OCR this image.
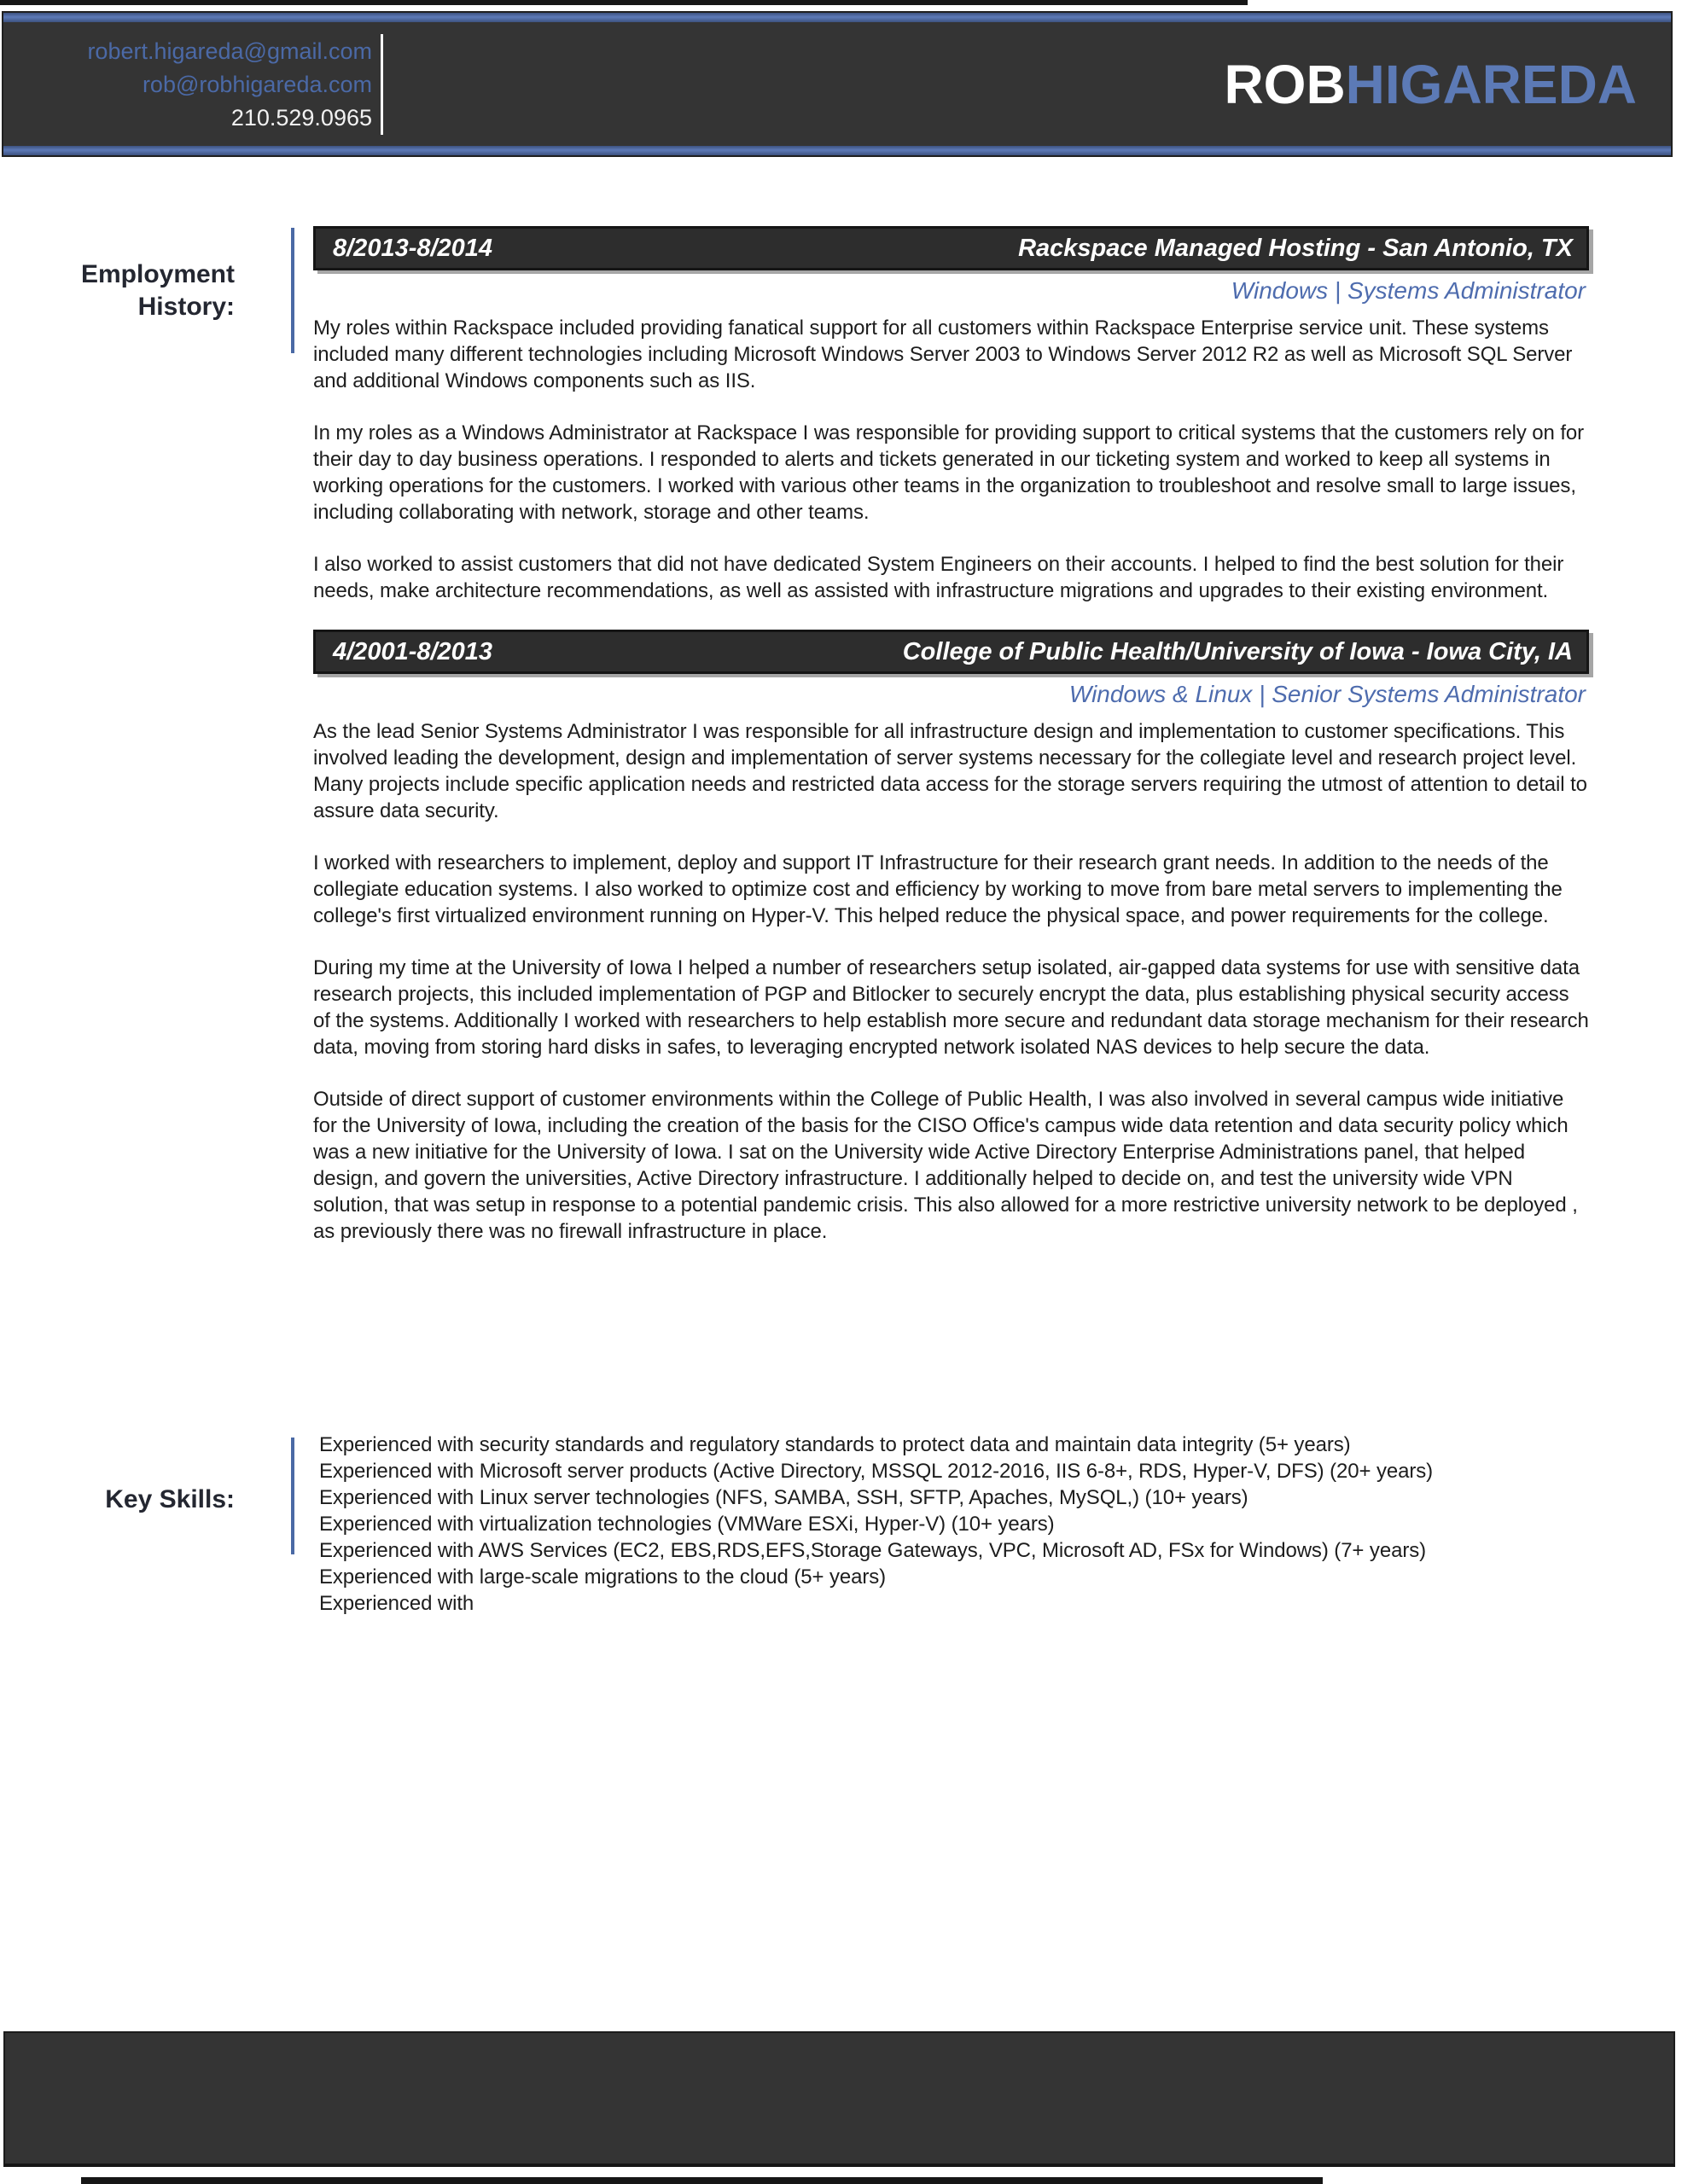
robert.higareda@gmail.com
rob@robhigareda.com
210.529.0965
ROBHIGAREDA
Employment
History:
8/2013-8/2014	Rackspace Managed Hosting - San Antonio, TX
Windows | Systems Administrator
My roles within Rackspace included providing fanatical support for all customers within Rackspace Enterprise service unit. These systems included many different technologies including Microsoft Windows Server 2003 to Windows Server 2012 R2 as well as Microsoft SQL Server and additional Windows components such as IIS.
In my roles as a Windows Administrator at Rackspace I was responsible for providing support to critical systems that the customers rely on for their day to day business operations. I responded to alerts and tickets generated in our ticketing system and worked to keep all systems in working operations for the customers. I worked with various other teams in the organization to troubleshoot and resolve small to large issues, including collaborating with network, storage and other teams.
I also worked to assist customers that did not have dedicated System Engineers on their accounts. I helped to find the best solution for their needs, make architecture recommendations, as well as assisted with infrastructure migrations and upgrades to their existing environment.
4/2001-8/2013	College of Public Health/University of Iowa - Iowa City, IA
Windows & Linux | Senior Systems Administrator
As the lead Senior Systems Administrator I was responsible for all infrastructure design and implementation to customer specifications. This involved leading the development, design and implementation of server systems necessary for the collegiate level and research project level. Many projects include specific application needs and restricted data access for the storage servers requiring the utmost of attention to detail to assure data security.
I worked with researchers to implement, deploy and support IT Infrastructure for their research grant needs. In addition to the needs of the collegiate education systems. I also worked to optimize cost and efficiency by working to move from bare metal servers to implementing the college's first virtualized environment running on Hyper-V. This helped reduce the physical space, and power requirements for the college.
During my time at the University of Iowa I helped a number of researchers setup isolated, air-gapped data systems for use with sensitive data research projects, this included implementation of PGP and Bitlocker to securely encrypt the data, plus establishing physical security access of the systems. Additionally I worked with researchers to help establish more secure and redundant data storage mechanism for their research data, moving from storing hard disks in safes, to leveraging encrypted network isolated NAS devices to help secure the data.
Outside of direct support of customer environments within the College of Public Health, I was also involved in several campus wide initiative for the University of Iowa, including the creation of the basis for the CISO Office's campus wide data retention and data security policy which was a new initiative for the University of Iowa. I sat on the University wide Active Directory Enterprise Administrations panel, that helped design, and govern the universities, Active Directory infrastructure. I additionally helped to decide on, and test the university wide VPN solution, that was setup in response to a potential pandemic crisis. This also allowed for a more restrictive university network to be deployed , as previously there was no firewall infrastructure in place.
Key Skills:
Experienced with security standards and regulatory standards to protect data and maintain data integrity (5+ years)
Experienced with Microsoft server products (Active Directory, MSSQL 2012-2016, IIS 6-8+, RDS, Hyper-V, DFS) (20+ years)
Experienced with Linux server technologies (NFS, SAMBA, SSH, SFTP, Apaches, MySQL,) (10+ years)
Experienced with virtualization technologies (VMWare ESXi, Hyper-V) (10+ years)
Experienced with AWS Services (EC2, EBS,RDS,EFS,Storage Gateways, VPC, Microsoft AD, FSx for Windows) (7+ years)
Experienced with large-scale migrations to the cloud (5+ years)
Experienced with
